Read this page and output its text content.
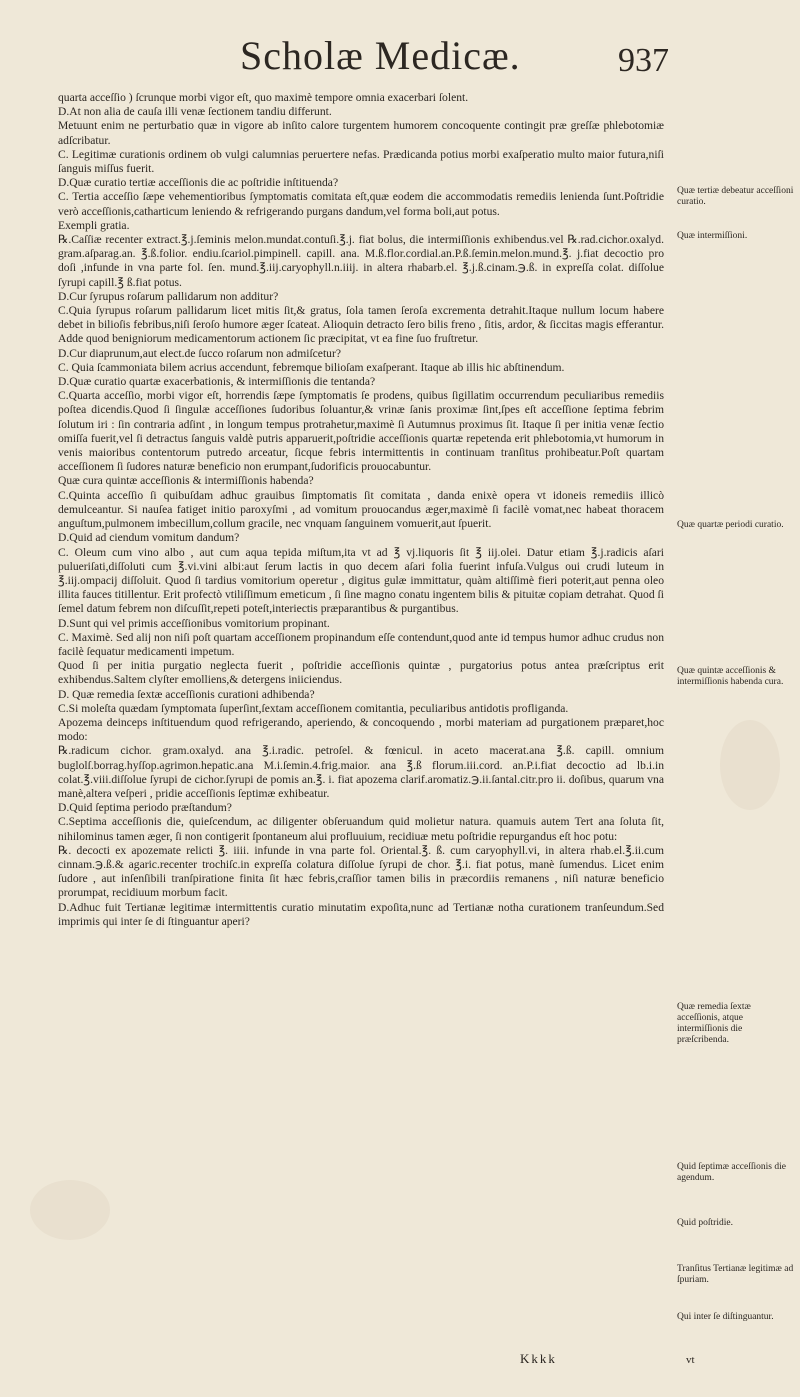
Scholæ Medicæ.	937

quarta acceſſio ) ſcrunque morbi vigor eſt, quo maximè tempore omnia exacerbari ſolent.

D.At non alia de cauſa illi venæ ſectionem tandiu differunt.

Metuunt enim ne perturbatio quæ in vigore ab inſito calore turgentem humorem concoquente contingit præ greſſæ phlebotomiæ adſcribatur.

C. Legitimæ curationis ordinem ob vulgi calumnias peruertere nefas. Prædicanda potius morbi exaſperatio multo maior futura,niſi ſanguis miſſus fuerit.

D.Quæ curatio tertiæ acceſſionis die ac poſtridie inſtituenda?

C. Tertia acceſſio ſæpe vehementioribus ſymptomatis comitata eſt,quæ eodem die accommodatis remediis lenienda ſunt.Poſtridie verò acceſſionis,catharticum leniendo & refrigerando purgans dandum,vel forma boli,aut potus.

Exempli gratia.

℞.Caſſiæ recenter extract.℥.j.ſeminis melon.mundat.contuſi.℥.j. fiat bolus, die intermiſſionis exhibendus.vel ℞.rad.cichor.oxalyd. gram.aſparag.an. ℥.ß.folior. endiu.ſcariol.pimpinell. capill. ana. M.ß.flor.cordial.an.P.ß.ſemin.melon.mund.℥. j.fiat decoctio pro doſi ,infunde in vna parte fol. ſen. mund.℥.iij.caryophyll.n.iiij. in altera rhabarb.el. ℥.j.ß.cinam.℈.ß. in expreſſa colat. diſſolue ſyrupi capill.℥ ß.fiat potus.

D.Cur ſyrupus roſarum pallidarum non additur?

C.Quia ſyrupus roſarum pallidarum licet mitis ſit,& gratus, ſola tamen ſeroſa excrementa detrahit.Itaque nullum locum habere debet in bilioſis febribus,niſi ſeroſo humore æger ſcateat. Alioquin detracto ſero bilis freno , ſitis, ardor, & ſiccitas magis efferantur. Adde quod benigniorum medicamentorum actionem ſic præcipitat, vt ea fine ſuo fruſtretur.

D.Cur diaprunum,aut elect.de ſucco roſarum non admiſcetur?

C. Quia ſcammoniata bilem acrius accendunt, febremque bilioſam exaſperant. Itaque ab illis hic abſtinendum.

D.Quæ curatio quartæ exacerbationis, & intermiſſionis die tentanda?

C.Quarta acceſſio, morbi vigor eſt, horrendis ſæpe ſymptomatis ſe prodens, quibus ſigillatim occurrendum peculiaribus remediis poſtea dicendis.Quod ſi ſingulæ acceſſiones ſudoribus ſoluantur,& vrinæ ſanis proximæ ſint,ſpes eſt acceſſione ſeptima febrim ſolutum iri : ſin contraria adſint , in longum tempus protrahetur,maximè ſi Autumnus proximus ſit. Itaque ſi per initia venæ ſectio omiſſa fuerit,vel ſi detractus ſanguis valdè putris apparuerit,poſtridie acceſſionis quartæ repetenda erit phlebotomia,vt humorum in venis maioribus contentorum putredo arceatur, ſicque febris intermittentis in continuam tranſitus prohibeatur.Poſt quartam acceſſionem ſi ſudores naturæ beneficio non erumpant,ſudorificis prouocabuntur.

Quæ cura quintæ acceſſionis & intermiſſionis habenda?

C.Quinta acceſſio ſi quibuſdam adhuc grauibus ſimptomatis ſit comitata , danda enixè opera vt idoneis remediis illicò demulceantur. Si nauſea fatiget initio paroxyſmi , ad vomitum prouocandus æger,maximè ſi facilè vomat,nec habeat thoracem anguſtum,pulmonem imbecillum,collum gracile, nec vnquam ſanguinem vomuerit,aut ſpuerit.

D.Quid ad ciendum vomitum dandum?

C. Oleum cum vino albo , aut cum aqua tepida miſtum,ita vt ad ℥ vj.liquoris ſit ℥ iij.olei. Datur etiam ℥.j.radicis aſari pulueriſati,diſſoluti cum ℥.vi.vini albi:aut ſerum lactis in quo decem aſari folia fuerint infuſa.Vulgus oui crudi luteum in ℥.iij.ompacij diſſoluit. Quod ſi tardius vomitorium operetur , digitus gulæ immittatur, quàm altiſſimè fieri poterit,aut penna oleo illita fauces titillentur. Erit profectò vtiliſſimum emeticum , ſi ſine magno conatu ingentem bilis & pituitæ copiam detrahat. Quod ſi ſemel datum febrem non diſcuſſit,repeti poteſt,interiectis præparantibus & purgantibus.

D.Sunt qui vel primis acceſſionibus vomitorium propinant.

C. Maximè. Sed alij non niſi poſt quartam acceſſionem propinandum eſſe contendunt,quod ante id tempus humor adhuc crudus non facilè ſequatur medicamenti impetum.

Quod ſi per initia purgatio neglecta fuerit , poſtridie acceſſionis quintæ , purgatorius potus antea præſcriptus erit exhibendus.Saltem clyſter emolliens,& detergens iniiciendus.

D. Quæ remedia ſextæ acceſſionis curationi adhibenda?

C.Si moleſta quædam ſymptomata ſuperſint,ſextam acceſſionem comitantia, peculiaribus antidotis profliganda.

Apozema deinceps inſtituendum quod refrigerando, aperiendo, & concoquendo , morbi materiam ad purgationem præparet,hoc modo:

℞.radicum cichor. gram.oxalyd. ana ℥.i.radic. petroſel. & fœnicul. in aceto macerat.ana ℥.ß. capill. omnium buglolſ.borrag.hyſſop.agrimon.hepatic.ana M.i.ſemin.4.frig.maior. ana ℥.ß florum.iii.cord. an.P.i.fiat decoctio ad lb.i.in colat.℥.viii.diſſolue ſyrupi de cichor.ſyrupi de pomis an.℥. i. fiat apozema clarif.aromatiz.℈.ii.ſantal.citr.pro ii. doſibus, quarum vna manè,altera veſperi , pridie acceſſionis ſeptimæ exhibeatur.

D.Quid ſeptima periodo præſtandum?

C.Septima acceſſionis die, quieſcendum, ac diligenter obſeruandum quid molietur natura. quamuis autem Tert ana ſoluta ſit, nihilominus tamen æger, ſi non contigerit ſpontaneum alui profluuium, recidiuæ metu poſtridie repurgandus eſt hoc potu:

℞. decocti ex apozemate relicti ℥. iiii. infunde in vna parte fol. Oriental.℥. ß. cum caryophyll.vi, in altera rhab.el.℥.ii.cum cinnam.℈.ß.& agaric.recenter trochiſc.in expreſſa colatura diſſolue ſyrupi de chor. ℥.i. fiat potus, manè ſumendus. Licet enim ſudore , aut inſenſibili tranſpiratione finita ſit hæc febris,craſſior tamen bilis in præcordiis remanens , niſi naturæ beneficio prorumpat, recidiuum morbum facit.

D.Adhuc fuit Tertianæ legitimæ intermittentis curatio minutatim expoſita,nunc ad Tertianæ notha curationem tranſeundum.Sed imprimis qui inter ſe di ſtinguantur aperi?

Quæ tertiæ debeatur acceſſioni curatio.
Quæ intermiſſioni.
Quæ quartæ periodi curatio.
Quæ quintæ acceſſionis & intermiſſionis habenda cura.
Quæ remedia ſextæ acceſſionis, atque intermiſſionis die præſcribenda.
Quid ſeptimæ acceſſionis die agendum.
Quid poſtridie.
Tranſitus Tertianæ legitimæ ad ſpuriam.
Qui inter ſe diſtinguantur.
Kkkk	vt
